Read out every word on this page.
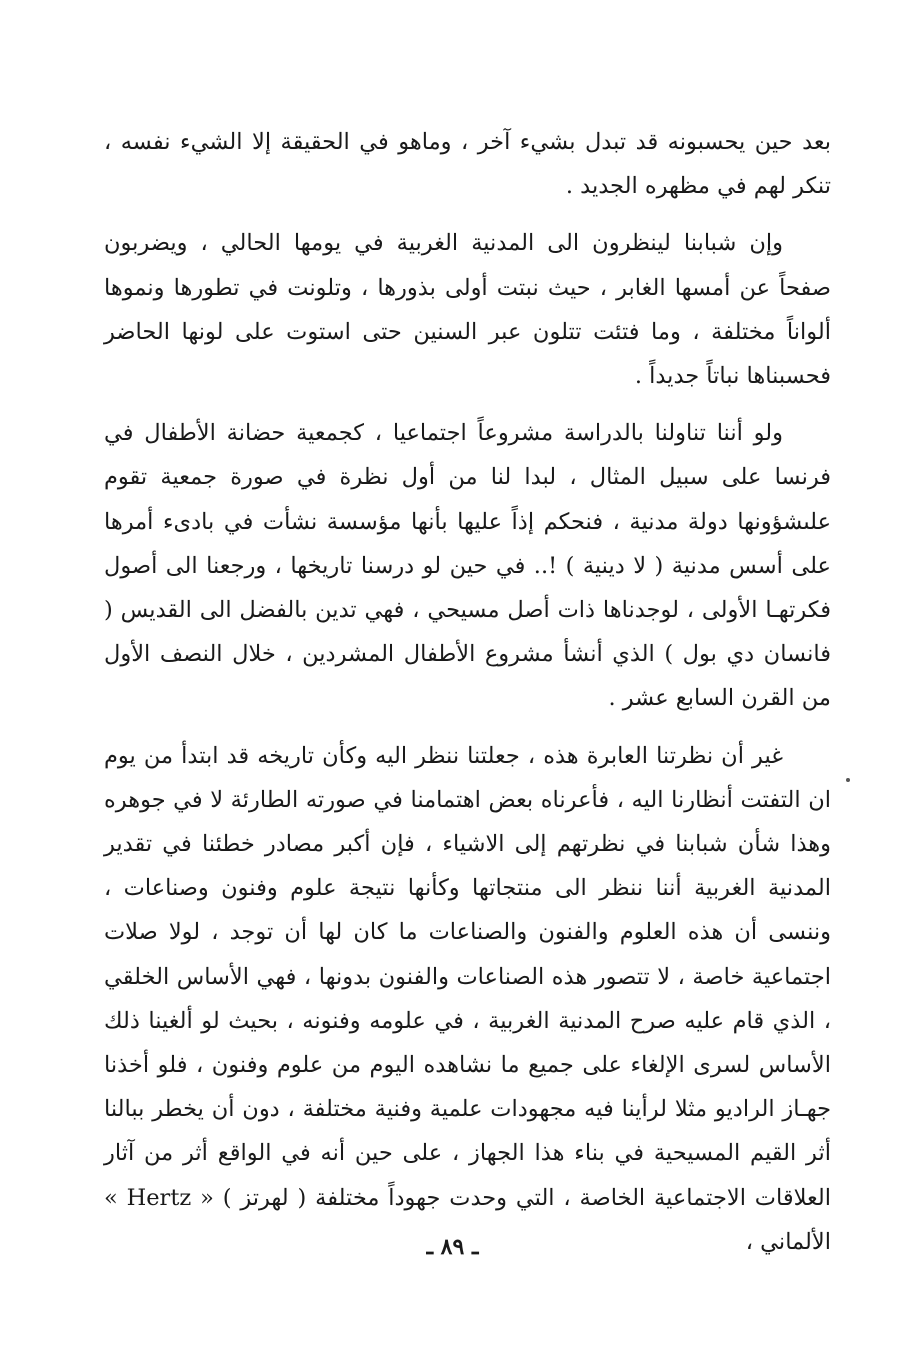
بعد حين يحسبونه قد تبدل بشيء آخر ، وماهو في الحقيقة إلا الشيء نفسه ، تنكر لهم في مظهره الجديد .

وإن شبابنا لينظرون الى المدنية الغربية في يومها الحالي ، ويضربون صفحاً عن أمسها الغابر ، حيث نبتت أولى بذورها ، وتلونت في تطورها ونموها ألواناً مختلفة ، وما فتئت تتلون عبر السنين حتى استوت على لونها الحاضر فحسبناها نباتاً جديداً .

ولو أننا تناولنا بالدراسة مشروعاً اجتماعيا ، كجمعية حضانة الأطفال في فرنسا على سبيل المثال ، لبدا لنا من أول نظرة في صورة جمعية تقوم علىشؤونها دولة مدنية ، فنحكم إذاً عليها بأنها مؤسسة نشأت في بادىء أمرها على أسس مدنية ( لا دينية ) !.. في حين لو درسنا تاريخها ، ورجعنا الى أصول فكرتهـا الأولى ، لوجدناها ذات أصل مسيحي ، فهي تدين بالفضل الى القديس ( فانسان دي بول ) الذي أنشأ مشروع الأطفال المشردين ، خلال النصف الأول من القرن السابع عشر .

غير أن نظرتنا العابرة هذه ، جعلتنا ننظر اليه وكأن تاريخه قد ابتدأ من يوم ان التفتت أنظارنا اليه ، فأعرناه بعض اهتمامنا في صورته الطارئة لا في جوهره وهذا شأن شبابنا في نظرتهم إلى الاشياء ، فإن أكبر مصادر خطئنا في تقدير المدنية الغربية أننا ننظر الى منتجاتها وكأنها نتيجة علوم وفنون وصناعات ، وننسى أن هذه العلوم والفنون والصناعات ما كان لها أن توجد ، لولا صلات اجتماعية خاصة ، لا تتصور هذه الصناعات والفنون بدونها ، فهي الأساس الخلقي ، الذي قام عليه صرح المدنية الغربية ، في علومه وفنونه ، بحيث لو ألغينا ذلك الأساس لسرى الإلغاء على جميع ما نشاهده اليوم من علوم وفنون ، فلو أخذنا جهـاز الراديو مثلا لرأينا فيه مجهودات علمية وفنية مختلفة ، دون أن يخطر ببالنا أثر القيم المسيحية في بناء هذا الجهاز ، على حين أنه في الواقع أثر من آثار العلاقات الاجتماعية الخاصة ، التي وحدت جهوداً مختلفة ( لهرتز ) « Hertz » الألماني ،

ـ ٨٩ ـ
